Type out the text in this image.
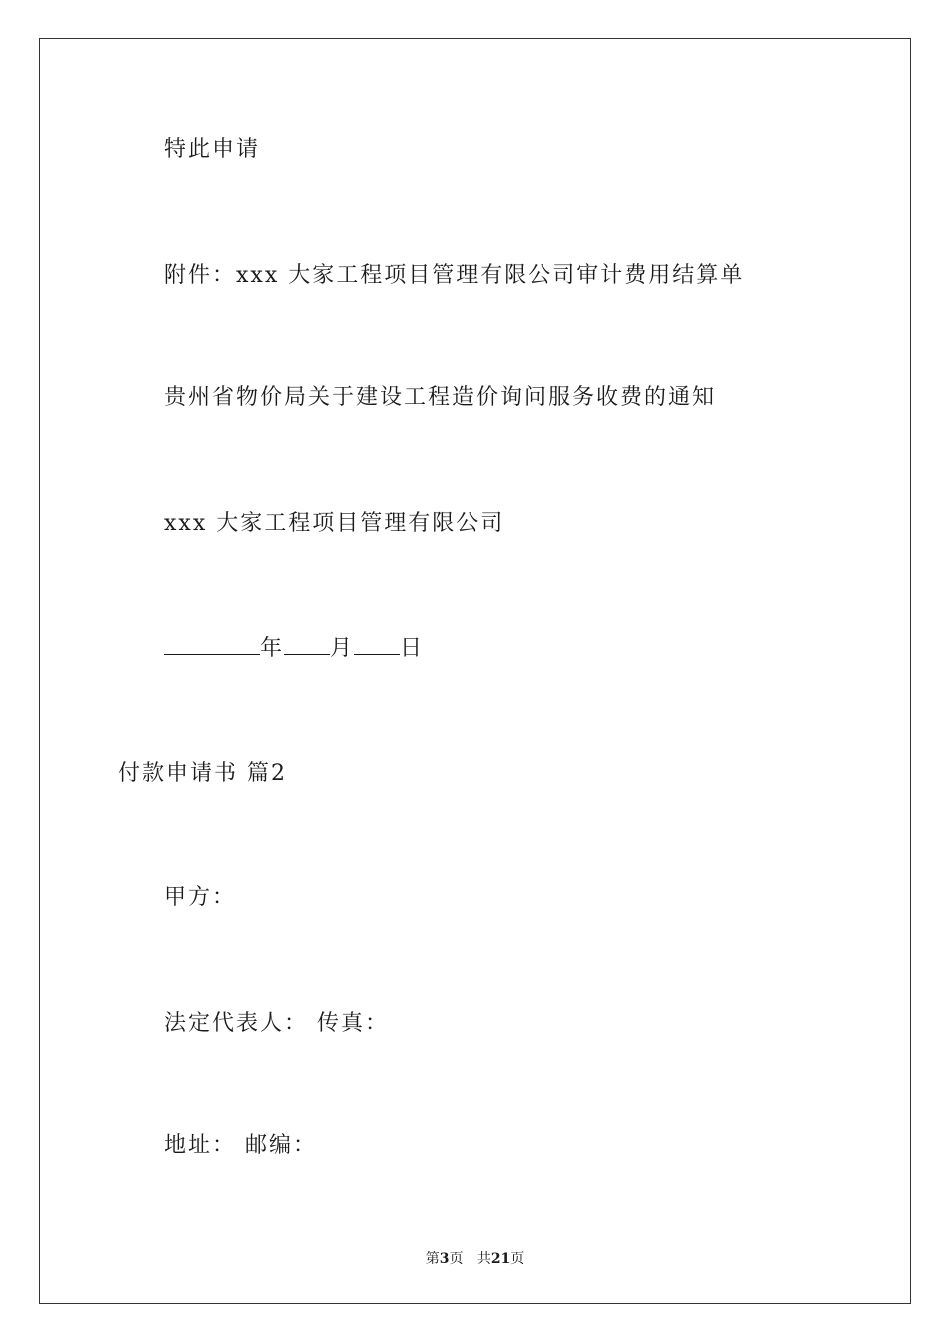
特此申请
附件：xxx 大家工程项目管理有限公司审计费用结算单
贵州省物价局关于建设工程造价询问服务收费的通知
xxx 大家工程项目管理有限公司
年 月 日
付款申请书 篇2
甲方：
法定代表人： 传真：
地址： 邮编：
第3页 共21页
